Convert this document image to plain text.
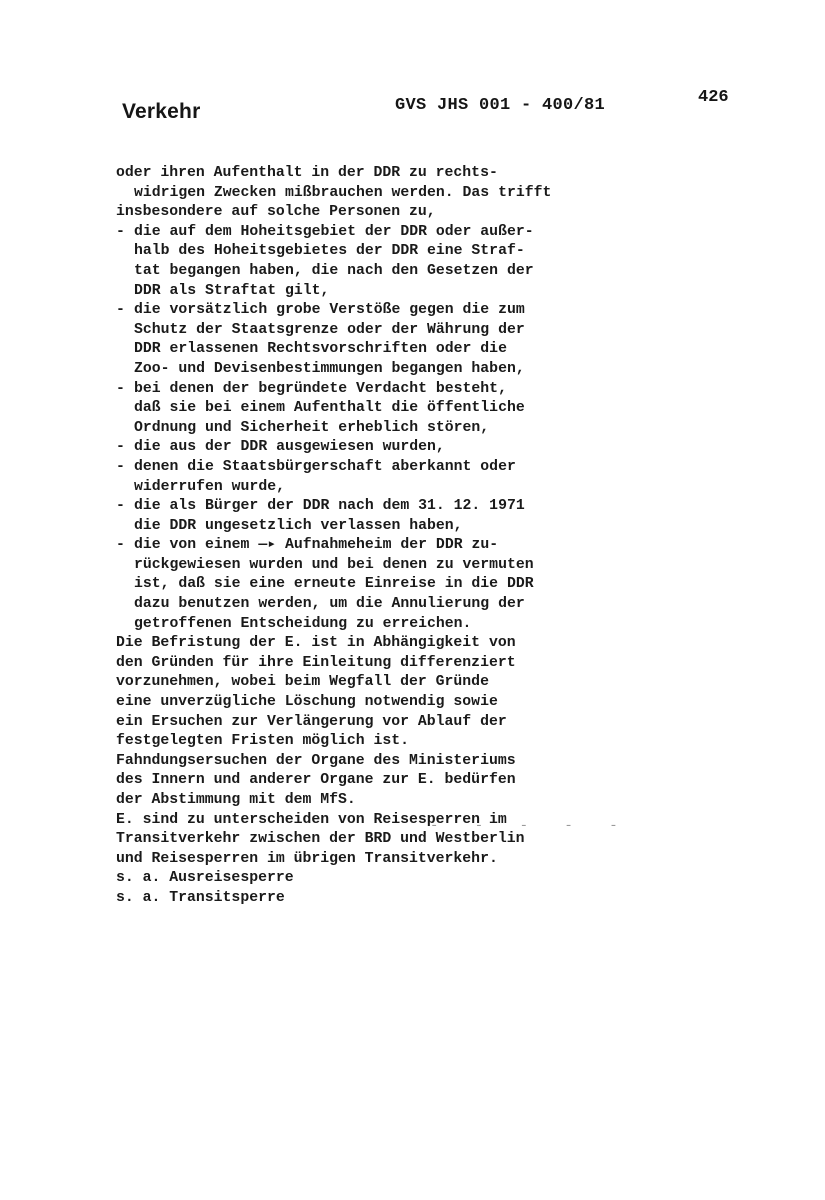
Verkehr	GVS JHS 001 - 400/81	426
oder ihren Aufenthalt in der DDR zu rechts-
widrigen Zwecken mißbrauchen werden. Das trifft
insbesondere auf solche Personen zu,
- die auf dem Hoheitsgebiet der DDR oder außer-
halb des Hoheitsgebietes der DDR eine Straf-
tat begangen haben, die nach den Gesetzen der
DDR als Straftat gilt,
- die vorsätzlich grobe Verstöße gegen die zum
Schutz der Staatsgrenze oder der Währung der
DDR erlassenen Rechtsvorschriften oder die
Zoo- und Devisenbestimmungen begangen haben,
- bei denen der begründete Verdacht besteht,
daß sie bei einem Aufenthalt die öffentliche
Ordnung und Sicherheit erheblich stören,
- die aus der DDR ausgewiesen wurden,
- denen die Staatsbürgerschaft aberkannt oder
widerrufen wurde,
- die als Bürger der DDR nach dem 31. 12. 1971
die DDR ungesetzlich verlassen haben,
- die von einem —▸ Aufnahmeheim der DDR zu-
rückgewiesen wurden und bei denen zu vermuten
ist, daß sie eine erneute Einreise in die DDR
dazu benutzen werden, um die Annulierung der
getroffenen Entscheidung zu erreichen.
Die Befristung der E. ist in Abhängigkeit von
den Gründen für ihre Einleitung differenziert
vorzunehmen, wobei beim Wegfall der Gründe
eine unverzügliche Löschung notwendig sowie
ein Ersuchen zur Verlängerung vor Ablauf der
festgelegten Fristen möglich ist.
Fahndungsersuchen der Organe des Ministeriums
des Innern und anderer Organe zur E. bedürfen
der Abstimmung mit dem MfS.
E. sind zu unterscheiden von Reisesperren im
Transitverkehr zwischen der BRD und Westberlin
und Reisesperren im übrigen Transitverkehr.
s. a. Ausreisesperre
s. a. Transitsperre
- - - - -
